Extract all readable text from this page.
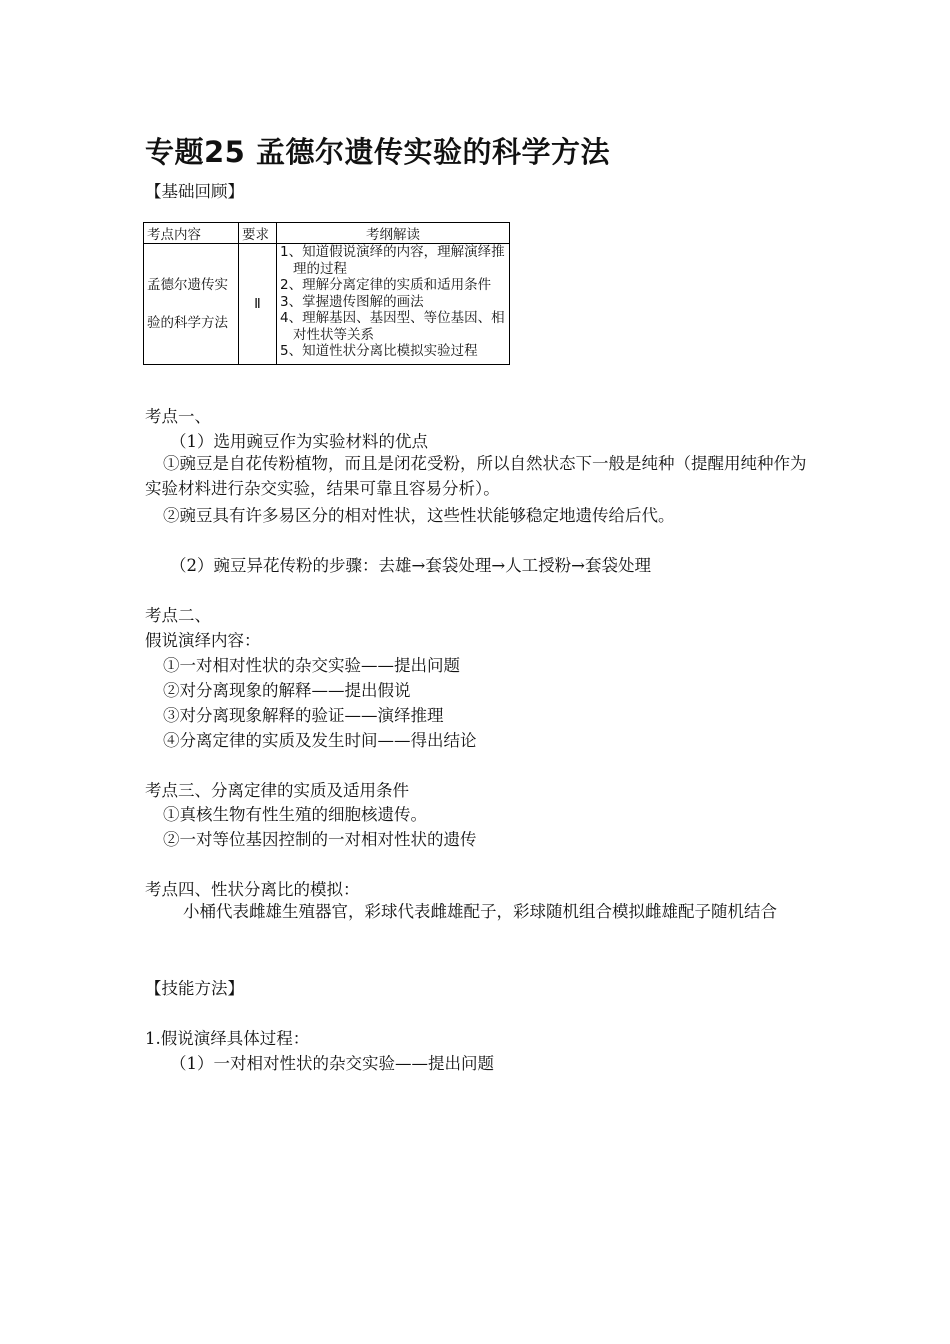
专题25 孟德尔遗传实验的科学方法
【基础回顾】
考点内容	要求	考纲解读
孟德尔遗传实
验的科学方法	Ⅱ	1、知道假说演绎的内容，理解演绎推理的过程
2、理解分离定律的实质和适用条件
3、掌握遗传图解的画法
4、理解基因、基因型、等位基因、相对性状等关系
5、知道性状分离比模拟实验过程
考点一、
（1）选用豌豆作为实验材料的优点
①豌豆是自花传粉植物，而且是闭花受粉，所以自然状态下一般是纯种（提醒用纯种作为实验材料进行杂交实验，结果可靠且容易分析）。
②豌豆具有许多易区分的相对性状，这些性状能够稳定地遗传给后代。
（2）豌豆异花传粉的步骤：去雄→套袋处理→人工授粉→套袋处理
考点二、
假说演绎内容：
①一对相对性状的杂交实验——提出问题
②对分离现象的解释——提出假说
③对分离现象解释的验证——演绎推理
④分离定律的实质及发生时间——得出结论
考点三、分离定律的实质及适用条件
①真核生物有性生殖的细胞核遗传。
②一对等位基因控制的一对相对性状的遗传
考点四、性状分离比的模拟：
小桶代表雌雄生殖器官，彩球代表雌雄配子，彩球随机组合模拟雌雄配子随机结合
【技能方法】
1.假说演绎具体过程：
（1）一对相对性状的杂交实验——提出问题
